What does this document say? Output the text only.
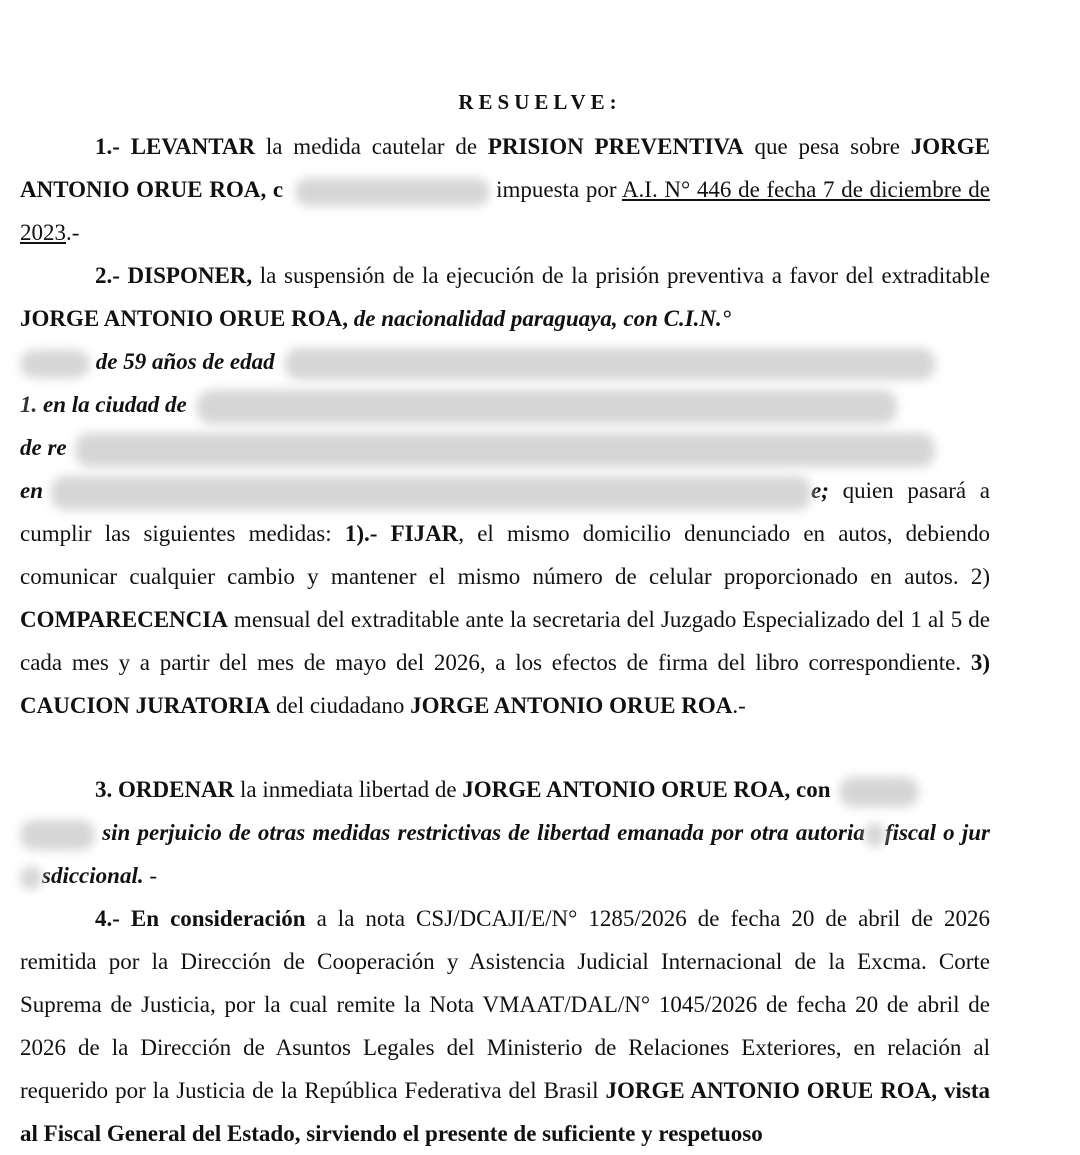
RESUELVE:
1.- LEVANTAR la medida cautelar de PRISION PREVENTIVA que pesa sobre JORGE ANTONIO ORUE ROA, c	impuesta por A.I. N° 446 de fecha 7 de diciembre de 2023.-
2.- DISPONER, la suspensión de la ejecución de la prisión preventiva a favor del extraditable JORGE ANTONIO ORUE ROA, de nacionalidad paraguaya, con C.I.N.°
de 59 años de edad
1. en la ciudad de
de re
en	e; quien pasará a cumplir las siguientes medidas: 1).- FIJAR, el mismo domicilio denunciado en autos, debiendo comunicar cualquier cambio y mantener el mismo número de celular proporcionado en autos. 2) COMPARECENCIA mensual del extraditable ante la secretaria del Juzgado Especializado del 1 al 5 de cada mes y a partir del mes de mayo del 2026, a los efectos de firma del libro correspondiente. 3) CAUCION JURATORIA del ciudadano JORGE ANTONIO ORUE ROA.-
3. ORDENAR la inmediata libertad de JORGE ANTONIO ORUE ROA, con
sin perjuicio de otras medidas restrictivas de libertad emanada por otra autoria fiscal o jursdiccional. -
4.- En consideración a la nota CSJ/DCAJI/E/N° 1285/2026 de fecha 20 de abril de 2026 remitida por la Dirección de Cooperación y Asistencia Judicial Internacional de la Excma. Corte Suprema de Justicia, por la cual remite la Nota VMAAT/DAL/N° 1045/2026 de fecha 20 de abril de 2026 de la Dirección de Asuntos Legales del Ministerio de Relaciones Exteriores, en relación al requerido por la Justicia de la República Federativa del Brasil JORGE ANTONIO ORUE ROA, vista al Fiscal General del Estado, sirviendo el presente de suficiente y respetuoso
